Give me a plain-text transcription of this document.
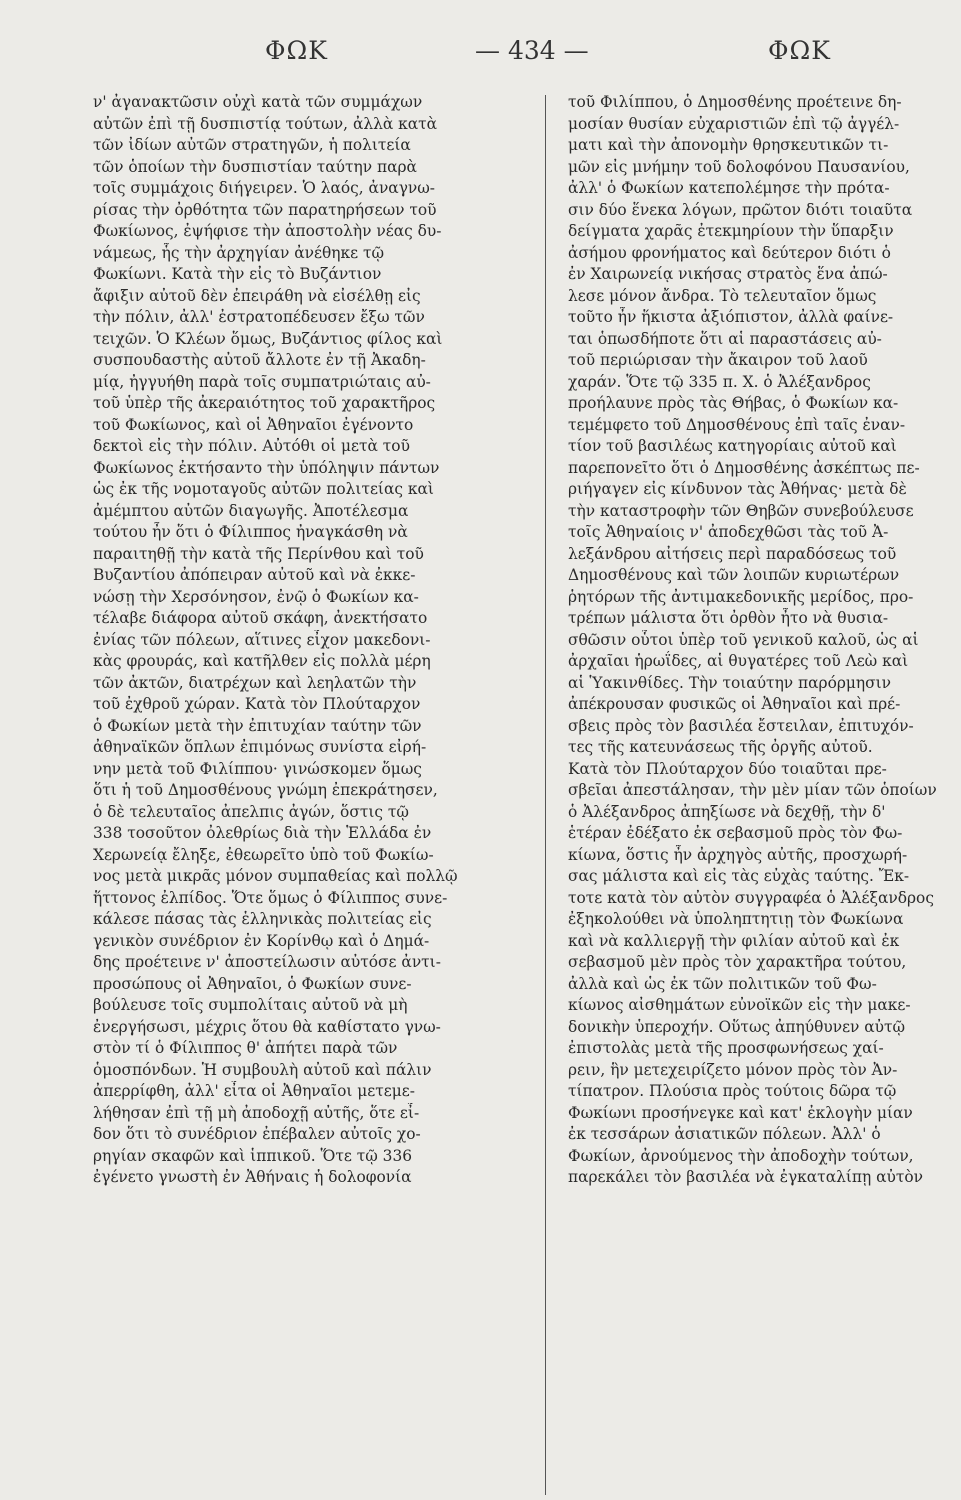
ΦΩΚ	— 434 —	ΦΩΚ
ν' ἀγανακτῶσιν οὐχὶ κατὰ τῶν συμμάχων
αὐτῶν ἐπὶ τῇ δυσπιστίᾳ τούτων, ἀλλὰ κατὰ
τῶν ἰδίων αὐτῶν στρατηγῶν, ἡ πολιτεία
τῶν ὁποίων τὴν δυσπιστίαν ταύτην παρὰ
τοῖς συμμάχοις διήγειρεν. Ὁ λαός, ἀναγνω-
ρίσας τὴν ὀρθότητα τῶν παρατηρήσεων τοῦ
Φωκίωνος, ἐψήφισε τὴν ἀποστολὴν νέας δυ-
νάμεως, ἧς τὴν ἀρχηγίαν ἀνέθηκε τῷ
Φωκίωνι. Κατὰ τὴν εἰς τὸ Βυζάντιον
ἄφιξιν αὐτοῦ δὲν ἐπειράθη νὰ εἰσέλθῃ εἰς
τὴν πόλιν, ἀλλ' ἐστρατοπέδευσεν ἔξω τῶν
τειχῶν. Ὁ Κλέων ὅμως, Βυζάντιος φίλος καὶ
συσπουδαστὴς αὐτοῦ ἄλλοτε ἐν τῇ Ἀκαδη-
μίᾳ, ἠγγυήθη παρὰ τοῖς συμπατριώταις αὐ-
τοῦ ὑπὲρ τῆς ἀκεραιότητος τοῦ χαρακτῆρος
τοῦ Φωκίωνος, καὶ οἱ Ἀθηναῖοι ἐγένοντο
δεκτοὶ εἰς τὴν πόλιν. Αὐτόθι οἱ μετὰ τοῦ
Φωκίωνος ἐκτήσαντο τὴν ὑπόληψιν πάντων
ὡς ἐκ τῆς νομοταγοῦς αὐτῶν πολιτείας καὶ
ἀμέμπτου αὐτῶν διαγωγῆς. Ἀποτέλεσμα
τούτου ἦν ὅτι ὁ Φίλιππος ἠναγκάσθη νὰ
παραιτηθῇ τὴν κατὰ τῆς Περίνθου καὶ τοῦ
Βυζαντίου ἀπόπειραν αὐτοῦ καὶ νὰ ἐκκε-
νώσῃ τὴν Χερσόνησον, ἐνῷ ὁ Φωκίων κα-
τέλαβε διάφορα αὐτοῦ σκάφη, ἀνεκτήσατο
ἐνίας τῶν πόλεων, αἵτινες εἶχον μακεδονι-
κὰς φρουράς, καὶ κατῆλθεν εἰς πολλὰ μέρη
τῶν ἀκτῶν, διατρέχων καὶ λεηλατῶν τὴν
τοῦ ἐχθροῦ χώραν. Κατὰ τὸν Πλούταρχον
ὁ Φωκίων μετὰ τὴν ἐπιτυχίαν ταύτην τῶν
ἀθηναϊκῶν ὅπλων ἐπιμόνως συνίστα εἰρή-
νην μετὰ τοῦ Φιλίππου· γινώσκομεν ὅμως
ὅτι ἡ τοῦ Δημοσθένους γνώμη ἐπεκράτησεν,
ὁ δὲ τελευταῖος ἀπελπις ἀγών, ὅστις τῷ
338 τοσοῦτον ὀλεθρίως διὰ τὴν Ἑλλάδα ἐν
Χερωνείᾳ ἔληξε, ἐθεωρεῖτο ὑπὸ τοῦ Φωκίω-
νος μετὰ μικρᾶς μόνον συμπαθείας καὶ πολλῷ
ἥττονος ἐλπίδος. Ὅτε ὅμως ὁ Φίλιππος συνε-
κάλεσε πάσας τὰς ἑλληνικὰς πολιτείας εἰς
γενικὸν συνέδριον ἐν Κορίνθῳ καὶ ὁ Δημά-
δης προέτεινε ν' ἀποστείλωσιν αὐτόσε ἀντι-
προσώπους οἱ Ἀθηναῖοι, ὁ Φωκίων συνε-
βούλευσε τοῖς συμπολίταις αὐτοῦ νὰ μὴ
ἐνεργήσωσι, μέχρις ὅτου θὰ καθίστατο γνω-
στὸν τί ὁ Φίλιππος θ' ἀπήτει παρὰ τῶν
ὁμοσπόνδων. Ἡ συμβουλὴ αὐτοῦ καὶ πάλιν
ἀπερρίφθη, ἀλλ' εἶτα οἱ Ἀθηναῖοι μετεμε-
λήθησαν ἐπὶ τῇ μὴ ἀποδοχῇ αὐτῆς, ὅτε εἶ-
δον ὅτι τὸ συνέδριον ἐπέβαλεν αὐτοῖς χο-
ρηγίαν σκαφῶν καὶ ἱππικοῦ. Ὅτε τῷ 336
ἐγένετο γνωστὴ ἐν Ἀθήναις ἡ δολοφονία
τοῦ Φιλίππου, ὁ Δημοσθένης προέτεινε δη-
μοσίαν θυσίαν εὐχαριστιῶν ἐπὶ τῷ ἀγγέλ-
ματι καὶ τὴν ἀπονομὴν θρησκευτικῶν τι-
μῶν εἰς μνήμην τοῦ δολοφόνου Παυσανίου,
ἀλλ' ὁ Φωκίων κατεπολέμησε τὴν πρότα-
σιν δύο ἕνεκα λόγων, πρῶτον διότι τοιαῦτα
δείγματα χαρᾶς ἐτεκμηρίουν τὴν ὕπαρξιν
ἀσήμου φρονήματος καὶ δεύτερον διότι ὁ
ἐν Χαιρωνείᾳ νικήσας στρατὸς ἕνα ἀπώ-
λεσε μόνον ἄνδρα. Τὸ τελευταῖον ὅμως
τοῦτο ἦν ἥκιστα ἀξιόπιστον, ἀλλὰ φαίνε-
ται ὁπωσδήποτε ὅτι αἱ παραστάσεις αὐ-
τοῦ περιώρισαν τὴν ἄκαιρον τοῦ λαοῦ
χαράν. Ὅτε τῷ 335 π. Χ. ὁ Ἀλέξανδρος
προήλαυνε πρὸς τὰς Θήβας, ὁ Φωκίων κα-
τεμέμφετο τοῦ Δημοσθένους ἐπὶ ταῖς ἐναν-
τίον τοῦ βασιλέως κατηγορίαις αὐτοῦ καὶ
παρεπονεῖτο ὅτι ὁ Δημοσθένης ἀσκέπτως πε-
ριήγαγεν εἰς κίνδυνον τὰς Ἀθήνας· μετὰ δὲ
τὴν καταστροφὴν τῶν Θηβῶν συνεβούλευσε
τοῖς Ἀθηναίοις ν' ἀποδεχθῶσι τὰς τοῦ Ἀ-
λεξάνδρου αἰτήσεις περὶ παραδόσεως τοῦ
Δημοσθένους καὶ τῶν λοιπῶν κυριωτέρων
ῥητόρων τῆς ἀντιμακεδονικῆς μερίδος, προ-
τρέπων μάλιστα ὅτι ὀρθὸν ἦτο νὰ θυσια-
σθῶσιν οὗτοι ὑπὲρ τοῦ γενικοῦ καλοῦ, ὡς αἱ
ἀρχαῖαι ἡρωΐδες, αἱ θυγατέρες τοῦ Λεὼ καὶ
αἱ Ὑακινθίδες. Τὴν τοιαύτην παρόρμησιν
ἀπέκρουσαν φυσικῶς οἱ Ἀθηναῖοι καὶ πρέ-
σβεις πρὸς τὸν βασιλέα ἔστειλαν, ἐπιτυχόν-
τες τῆς κατευνάσεως τῆς ὀργῆς αὐτοῦ.
Κατὰ τὸν Πλούταρχον δύο τοιαῦται πρε-
σβεῖαι ἀπεστάλησαν, τὴν μὲν μίαν τῶν ὁποίων
ὁ Ἀλέξανδρος ἀπηξίωσε νὰ δεχθῇ, τὴν δ'
ἑτέραν ἐδέξατο ἐκ σεβασμοῦ πρὸς τὸν Φω-
κίωνα, ὅστις ἦν ἀρχηγὸς αὐτῆς, προσχωρή-
σας μάλιστα καὶ εἰς τὰς εὐχὰς ταύτης. Ἔκ-
τοτε κατὰ τὸν αὐτὸν συγγραφέα ὁ Ἀλέξανδρος
ἐξηκολούθει νὰ ὑποληπτητιῃ τὸν Φωκίωνα
καὶ νὰ καλλιεργῇ τὴν φιλίαν αὐτοῦ καὶ ἐκ
σεβασμοῦ μὲν πρὸς τὸν χαρακτῆρα τούτου,
ἀλλὰ καὶ ὡς ἐκ τῶν πολιτικῶν τοῦ Φω-
κίωνος αἰσθημάτων εὐνοϊκῶν εἰς τὴν μακε-
δονικὴν ὑπεροχήν. Οὕτως ἀπηύθυνεν αὐτῷ
ἐπιστολὰς μετὰ τῆς προσφωνήσεως χαί-
ρειν, ἣν μετεχειρίζετο μόνον πρὸς τὸν Ἀν-
τίπατρον. Πλούσια πρὸς τούτοις δῶρα τῷ
Φωκίωνι προσήνεγκε καὶ κατ' ἐκλογὴν μίαν
ἐκ τεσσάρων ἀσιατικῶν πόλεων. Ἀλλ' ὁ
Φωκίων, ἀρνούμενος τὴν ἀποδοχὴν τούτων,
παρεκάλει τὸν βασιλέα νὰ ἐγκαταλίπῃ αὐτὸν
